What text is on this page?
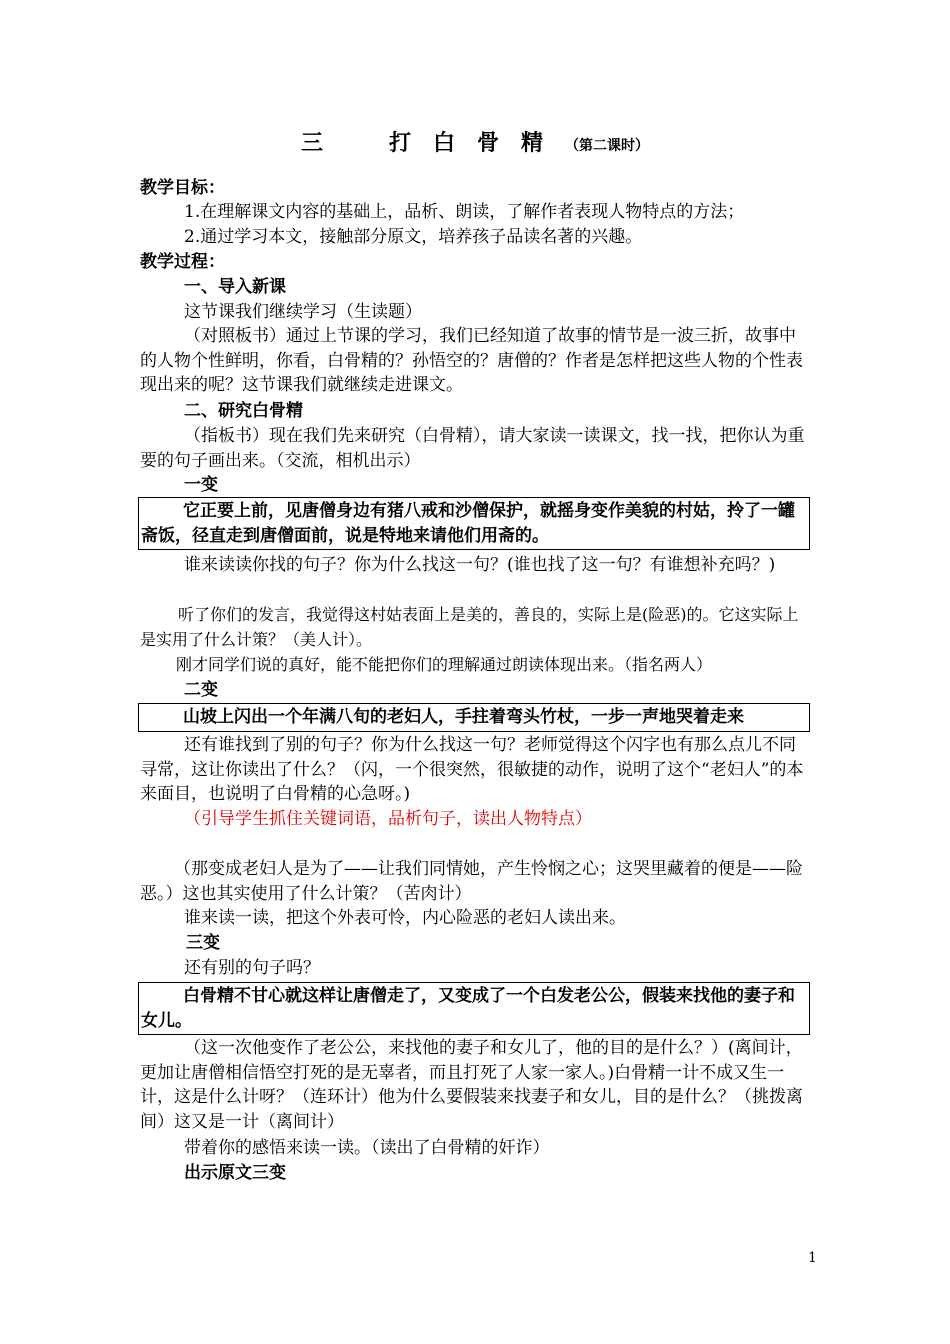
三　打白骨精（第二课时）
教学目标：
1.在理解课文内容的基础上，品析、朗读，了解作者表现人物特点的方法；
2.通过学习本文，接触部分原文，培养孩子品读名著的兴趣。
教学过程：
一、导入新课
这节课我们继续学习（生读题）
（对照板书）通过上节课的学习，我们已经知道了故事的情节是一波三折，故事中的人物个性鲜明，你看，白骨精的？孙悟空的？唐僧的？作者是怎样把这些人物的个性表现出来的呢？这节课我们就继续走进课文。
二、研究白骨精
（指板书）现在我们先来研究（白骨精），请大家读一读课文，找一找，把你认为重要的句子画出来。（交流，相机出示）
一变
它正要上前，见唐僧身边有猪八戒和沙僧保护，就摇身变作美貌的村姑，拎了一罐斋饭，径直走到唐僧面前，说是特地来请他们用斋的。
谁来读读你找的句子？你为什么找这一句？(谁也找了这一句？有谁想补充吗？)
听了你们的发言，我觉得这村姑表面上是美的，善良的，实际上是(险恶)的。它这实际上是实用了什么计策？（美人计）。
刚才同学们说的真好，能不能把你们的理解通过朗读体现出来。（指名两人）
二变
山坡上闪出一个年满八旬的老妇人，手拄着弯头竹杖，一步一声地哭着走来
还有谁找到了别的句子？你为什么找这一句？老师觉得这个闪字也有那么点儿不同寻常，这让你读出了什么？（闪，一个很突然，很敏捷的动作，说明了这个“老妇人”的本来面目，也说明了白骨精的心急呀。)
（引导学生抓住关键词语，品析句子，读出人物特点）
（那变成老妇人是为了——让我们同情她，产生怜悯之心；这哭里藏着的便是——险恶。）这也其实使用了什么计策？（苦肉计）
谁来读一读，把这个外表可怜，内心险恶的老妇人读出来。
三变
还有别的句子吗？
白骨精不甘心就这样让唐僧走了，又变成了一个白发老公公，假装来找他的妻子和女儿。
（这一次他变作了老公公，来找他的妻子和女儿了，他的目的是什么？）(离间计，更加让唐僧相信悟空打死的是无辜者，而且打死了人家一家人。)白骨精一计不成又生一计，这是什么计呀？（连环计）他为什么要假装来找妻子和女儿，目的是什么？（挑拨离间）这又是一计（离间计）
带着你的感悟来读一读。（读出了白骨精的奸诈）
出示原文三变
1
